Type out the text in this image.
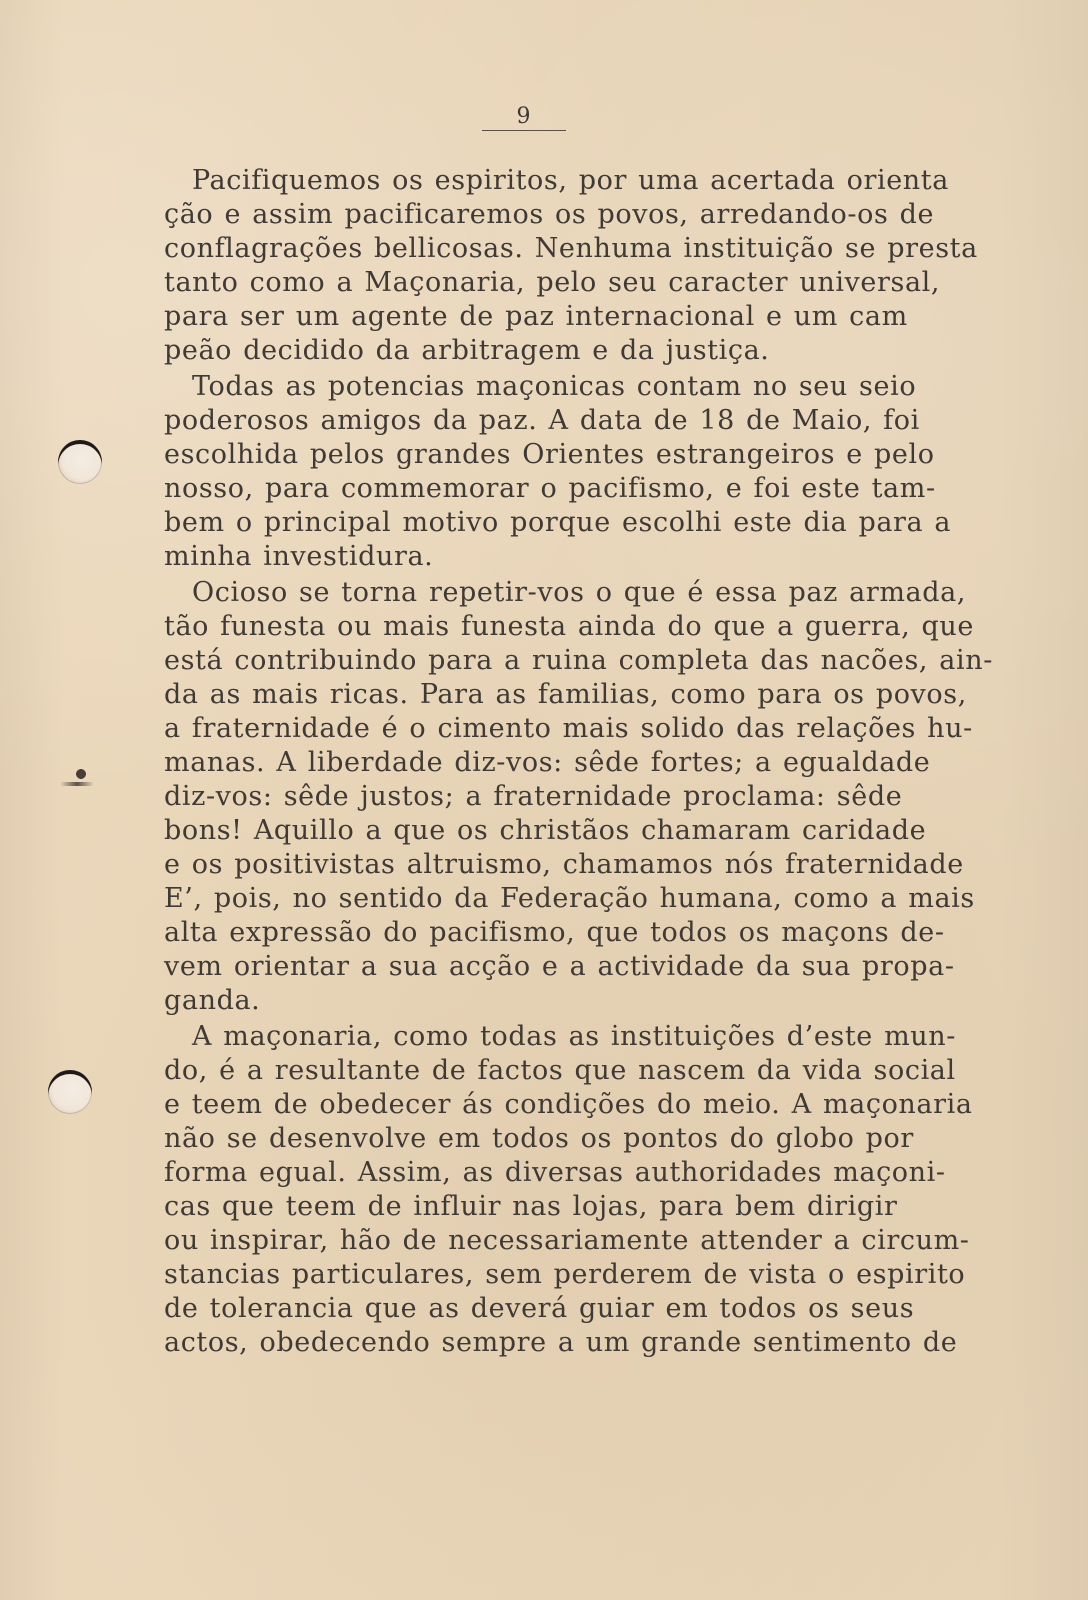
9
Pacifiquemos os espiritos, por uma acertada orienta
ção e assim pacificaremos os povos, arredando-os de
conflagrações bellicosas. Nenhuma instituição se presta
tanto como a Maçonaria, pelo seu caracter universal,
para ser um agente de paz internacional e um cam
peão decidido da arbitragem e da justiça.
Todas as potencias maçonicas contam no seu seio
poderosos amigos da paz. A data de 18 de Maio, foi
escolhida pelos grandes Orientes estrangeiros e pelo
nosso, para commemorar o pacifismo, e foi este tam-
bem o principal motivo porque escolhi este dia para a
minha investidura.
Ocioso se torna repetir-vos o que é essa paz armada,
tão funesta ou mais funesta ainda do que a guerra, que
está contribuindo para a ruina completa das nacões, ain-
da as mais ricas. Para as familias, como para os povos,
a fraternidade é o cimento mais solido das relações hu-
manas. A liberdade diz-vos: sêde fortes; a egualdade
diz-vos: sêde justos; a fraternidade proclama: sêde
bons! Aquillo a que os christãos chamaram caridade
e os positivistas altruismo, chamamos nós fraternidade
E’, pois, no sentido da Federação humana, como a mais
alta expressão do pacifismo, que todos os maçons de-
vem orientar a sua acção e a actividade da sua propa-
ganda.
A maçonaria, como todas as instituições d’este mun-
do, é a resultante de factos que nascem da vida social
e teem de obedecer ás condições do meio. A maçonaria
não se desenvolve em todos os pontos do globo por
forma egual. Assim, as diversas authoridades maçoni-
cas que teem de influir nas lojas, para bem dirigir
ou inspirar, hão de necessariamente attender a circum-
stancias particulares, sem perderem de vista o espirito
de tolerancia que as deverá guiar em todos os seus
actos, obedecendo sempre a um grande sentimento de
